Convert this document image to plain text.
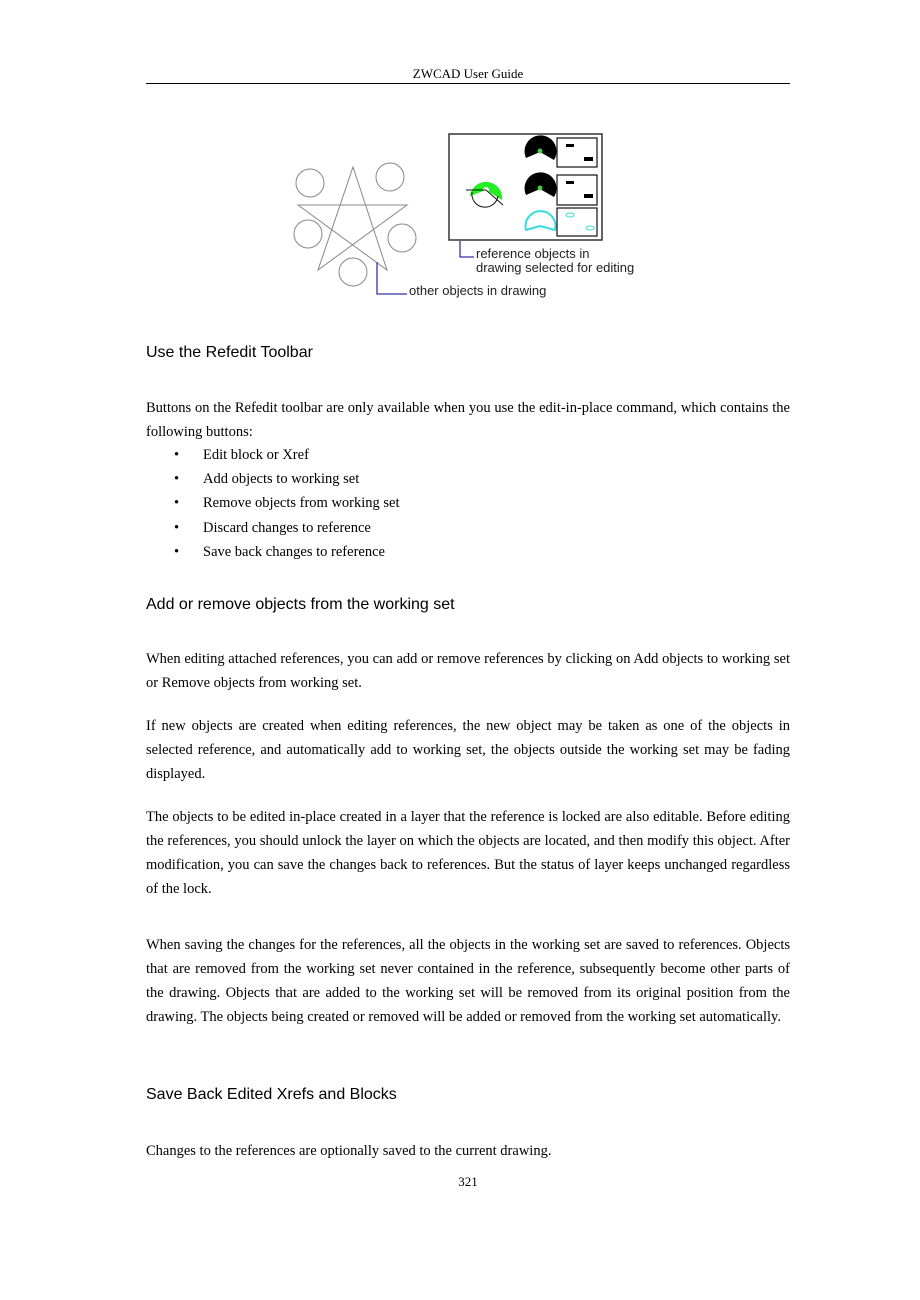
ZWCAD User Guide
reference objects in
drawing selected for editing
other objects in drawing
Use the Refedit Toolbar
Buttons on the Refedit toolbar are only available when you use the edit-in-place command, which contains the following buttons:
• Edit block or Xref
• Add objects to working set
• Remove objects from working set
• Discard changes to reference
• Save back changes to reference
Add or remove objects from the working set
When editing attached references, you can add or remove references by clicking on Add objects to working set or Remove objects from working set.
If new objects are created when editing references, the new object may be taken as one of the objects in selected reference, and automatically add to working set, the objects outside the working set may be fading displayed.
The objects to be edited in-place created in a layer that the reference is locked are also editable. Before editing the references, you should unlock the layer on which the objects are located, and then modify this object. After modification, you can save the changes back to references. But the status of layer keeps unchanged regardless of the lock.
When saving the changes for the references, all the objects in the working set are saved to references. Objects that are removed from the working set never contained in the reference, subsequently become other parts of the drawing. Objects that are added to the working set will be removed from its original position from the drawing. The objects being created or removed will be added or removed from the working set automatically.
Save Back Edited Xrefs and Blocks
Changes to the references are optionally saved to the current drawing.
321
